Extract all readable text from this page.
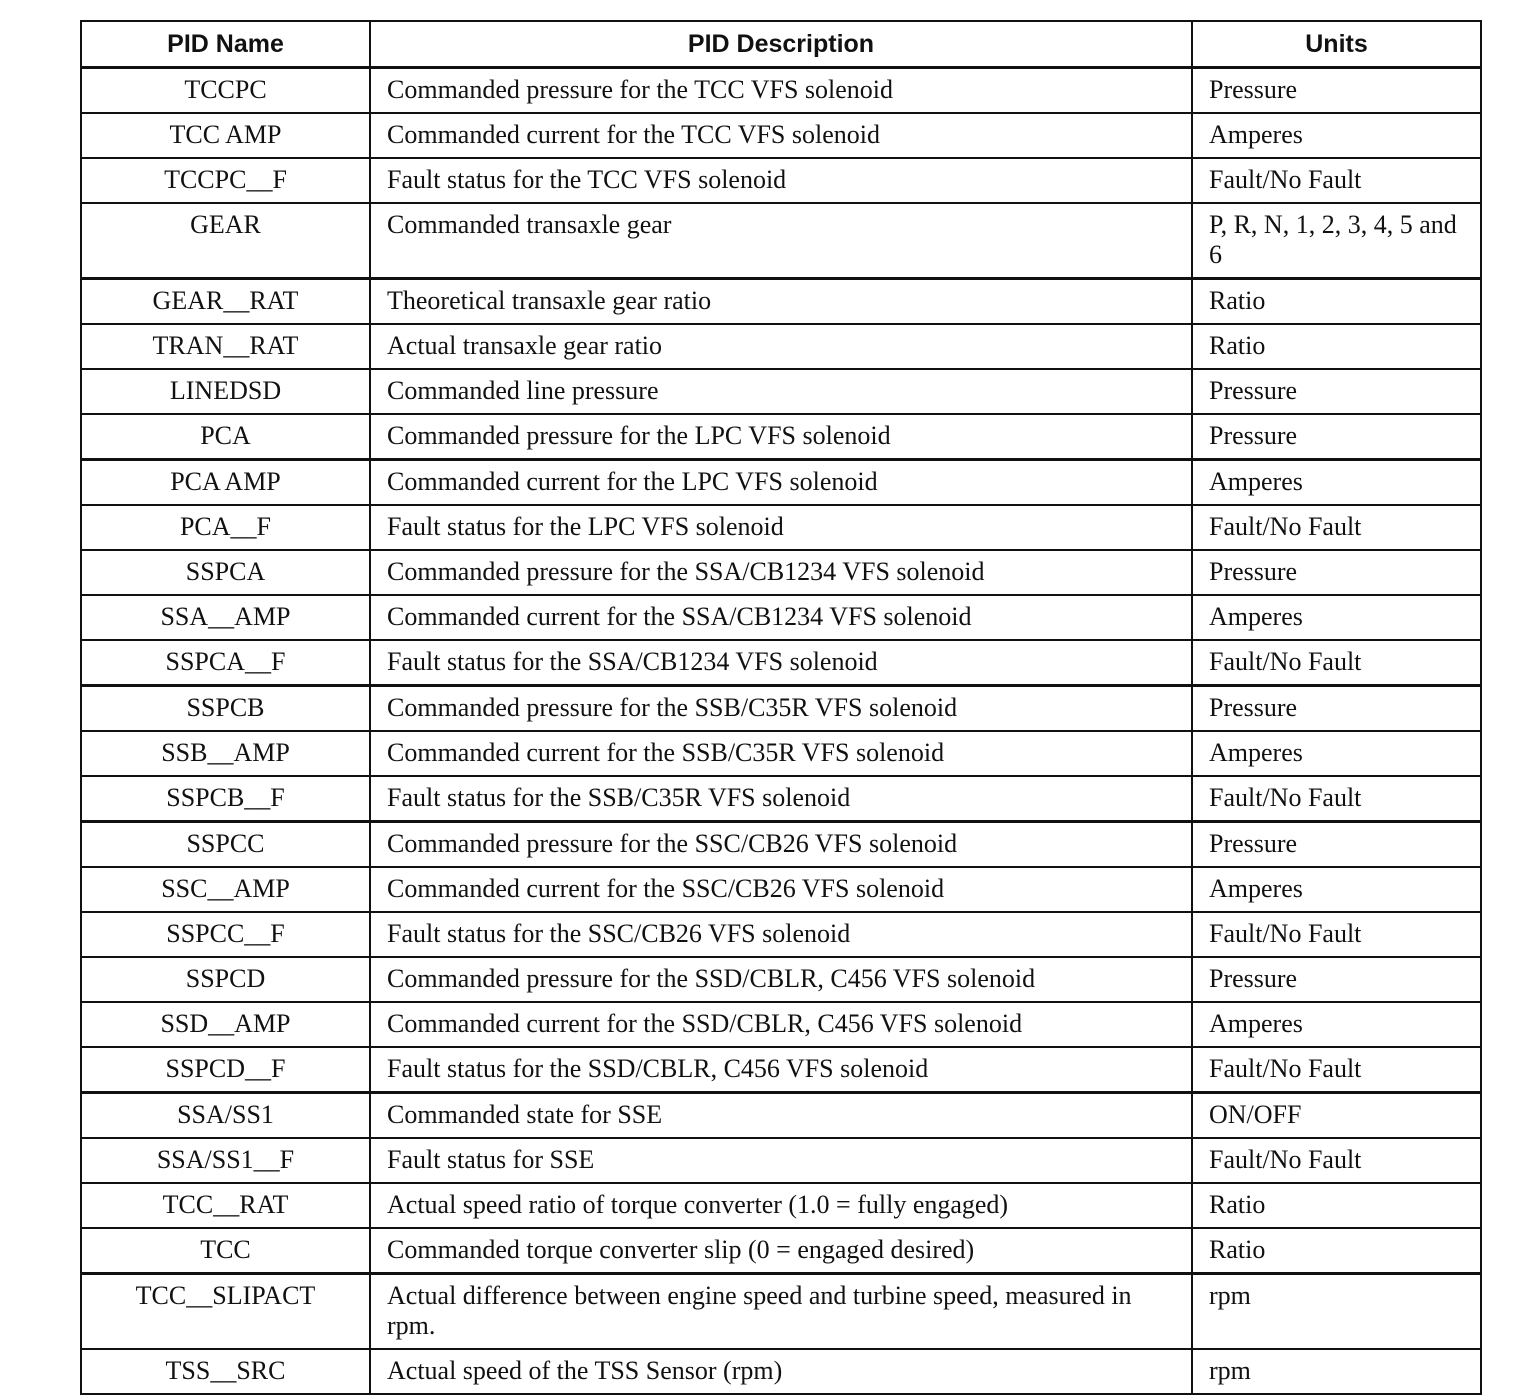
PID Name	PID Description	Units
TCCPC	Commanded pressure for the TCC VFS solenoid	Pressure
TCC AMP	Commanded current for the TCC VFS solenoid	Amperes
TCCPC__F	Fault status for the TCC VFS solenoid	Fault/No Fault
GEAR	Commanded transaxle gear	P, R, N, 1, 2, 3, 4, 5 and 6
GEAR__RAT	Theoretical transaxle gear ratio	Ratio
TRAN__RAT	Actual transaxle gear ratio	Ratio
LINEDSD	Commanded line pressure	Pressure
PCA	Commanded pressure for the LPC VFS solenoid	Pressure
PCA AMP	Commanded current for the LPC VFS solenoid	Amperes
PCA__F	Fault status for the LPC VFS solenoid	Fault/No Fault
SSPCA	Commanded pressure for the SSA/CB1234 VFS solenoid	Pressure
SSA__AMP	Commanded current for the SSA/CB1234 VFS solenoid	Amperes
SSPCA__F	Fault status for the SSA/CB1234 VFS solenoid	Fault/No Fault
SSPCB	Commanded pressure for the SSB/C35R VFS solenoid	Pressure
SSB__AMP	Commanded current for the SSB/C35R VFS solenoid	Amperes
SSPCB__F	Fault status for the SSB/C35R VFS solenoid	Fault/No Fault
SSPCC	Commanded pressure for the SSC/CB26 VFS solenoid	Pressure
SSC__AMP	Commanded current for the SSC/CB26 VFS solenoid	Amperes
SSPCC__F	Fault status for the SSC/CB26 VFS solenoid	Fault/No Fault
SSPCD	Commanded pressure for the SSD/CBLR, C456 VFS solenoid	Pressure
SSD__AMP	Commanded current for the SSD/CBLR, C456 VFS solenoid	Amperes
SSPCD__F	Fault status for the SSD/CBLR, C456 VFS solenoid	Fault/No Fault
SSA/SS1	Commanded state for SSE	ON/OFF
SSA/SS1__F	Fault status for SSE	Fault/No Fault
TCC__RAT	Actual speed ratio of torque converter (1.0 = fully engaged)	Ratio
TCC	Commanded torque converter slip (0 = engaged desired)	Ratio
TCC__SLIPACT	Actual difference between engine speed and turbine speed, measured in rpm.	rpm
TSS__SRC	Actual speed of the TSS Sensor (rpm)	rpm
